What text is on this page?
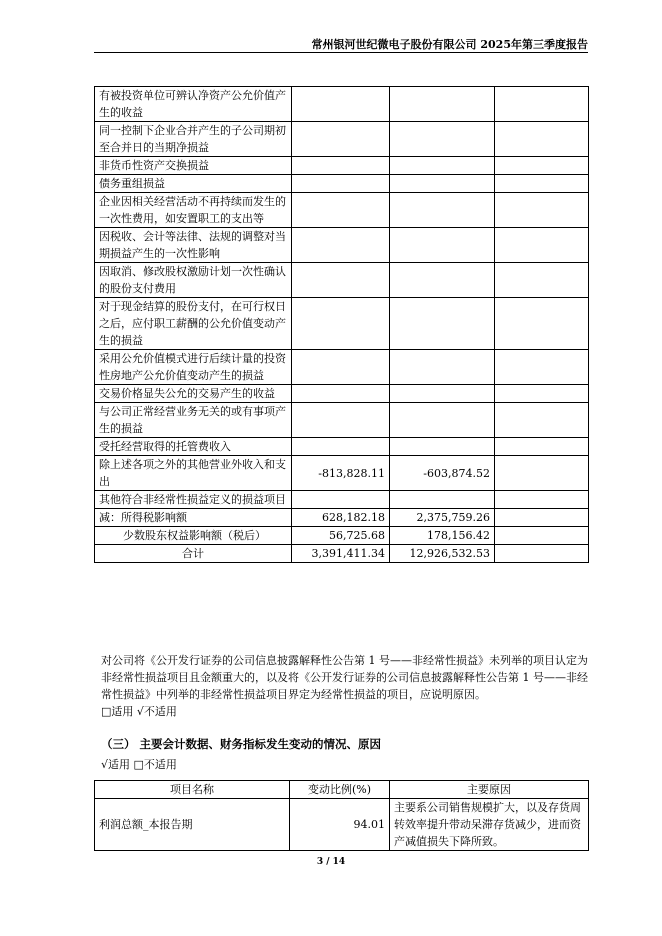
常州银河世纪微电子股份有限公司 2025年第三季度报告
有被投资单位可辨认净资产公允价值产生的收益			
同一控制下企业合并产生的子公司期初至合并日的当期净损益			
非货币性资产交换损益			
债务重组损益			
企业因相关经营活动不再持续而发生的一次性费用，如安置职工的支出等			
因税收、会计等法律、法规的调整对当期损益产生的一次性影响			
因取消、修改股权激励计划一次性确认的股份支付费用			
对于现金结算的股份支付，在可行权日之后，应付职工薪酬的公允价值变动产生的损益			
采用公允价值模式进行后续计量的投资性房地产公允价值变动产生的损益			
交易价格显失公允的交易产生的收益			
与公司正常经营业务无关的或有事项产生的损益			
受托经营取得的托管费收入			
除上述各项之外的其他营业外收入和支出	-813,828.11	-603,874.52	
其他符合非经常性损益定义的损益项目			
减：所得税影响额	628,182.18	2,375,759.26	
少数股东权益影响额（税后）	56,725.68	178,156.42	
合计	3,391,411.34	12,926,532.53	
对公司将《公开发行证券的公司信息披露解释性公告第 1 号——非经常性损益》未列举的项目认定为非经常性损益项目且金额重大的，以及将《公开发行证券的公司信息披露解释性公告第 1 号——非经常性损益》中列举的非经常性损益项目界定为经常性损益的项目，应说明原因。
□适用 √不适用
（三） 主要会计数据、财务指标发生变动的情况、原因
√适用 □不适用
项目名称	变动比例(%)	主要原因
利润总额_本报告期	94.01	主要系公司销售规模扩大，以及存货周转效率提升带动呆滞存货减少，进而资产减值损失下降所致。
3 / 14
